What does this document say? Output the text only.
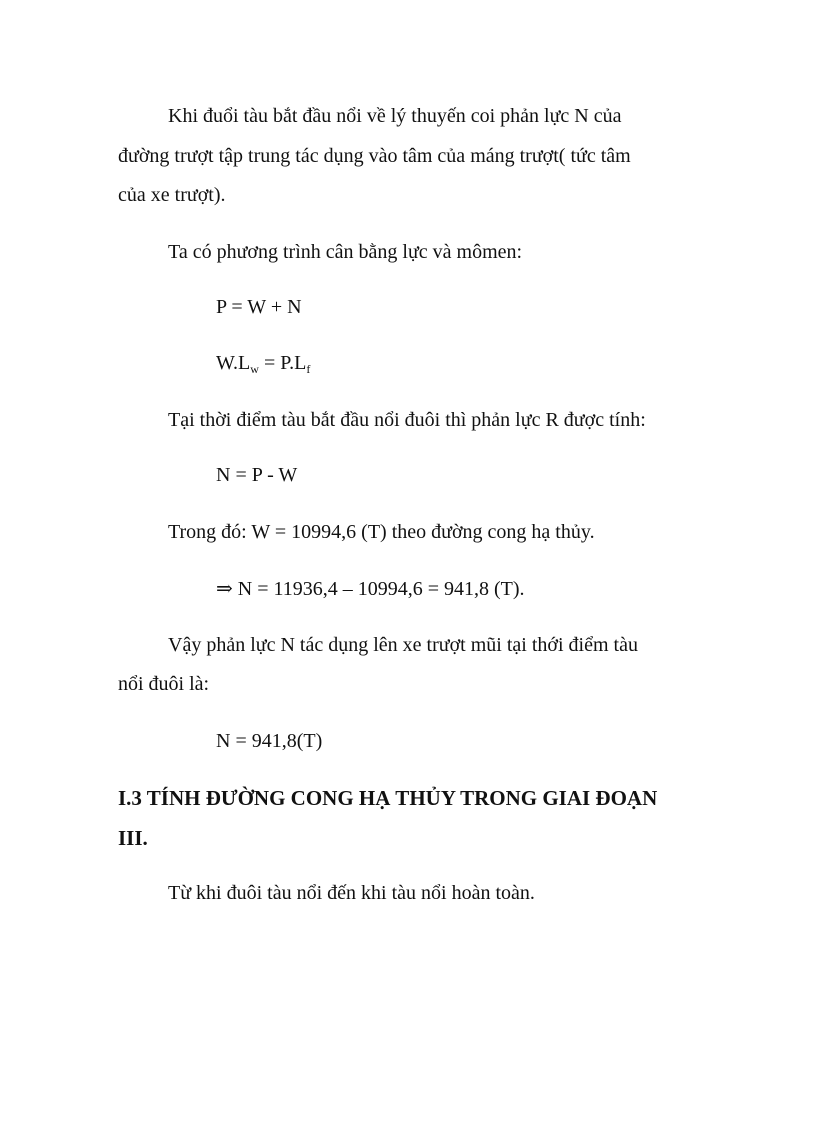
Khi đuổi tàu bắt đầu nổi về lý thuyến coi phản lực N của
đường trượt tập trung tác dụng vào tâm của máng trượt( tức tâm
của xe trượt).
Ta có phương trình cân bằng lực và mômen:
P = W + N
$W.L_w = P.L_f$
Tại thời điểm tàu bắt đầu nổi đuôi thì phản lực R được tính:
N = P - W
Trong đó: W = 10994,6 (T) theo đường cong hạ thủy.
⇒ N = 11936,4 – 10994,6 = 941,8 (T).
Vậy phản lực N tác dụng lên xe trượt mũi tại thới điểm tàu
nổi đuôi là:
N = 941,8(T)
I.3 TÍNH ĐƯỜNG CONG HẠ THỦY TRONG GIAI ĐOẠN
III.
Từ khi đuôi tàu nổi đến khi tàu nổi hoàn toàn.
